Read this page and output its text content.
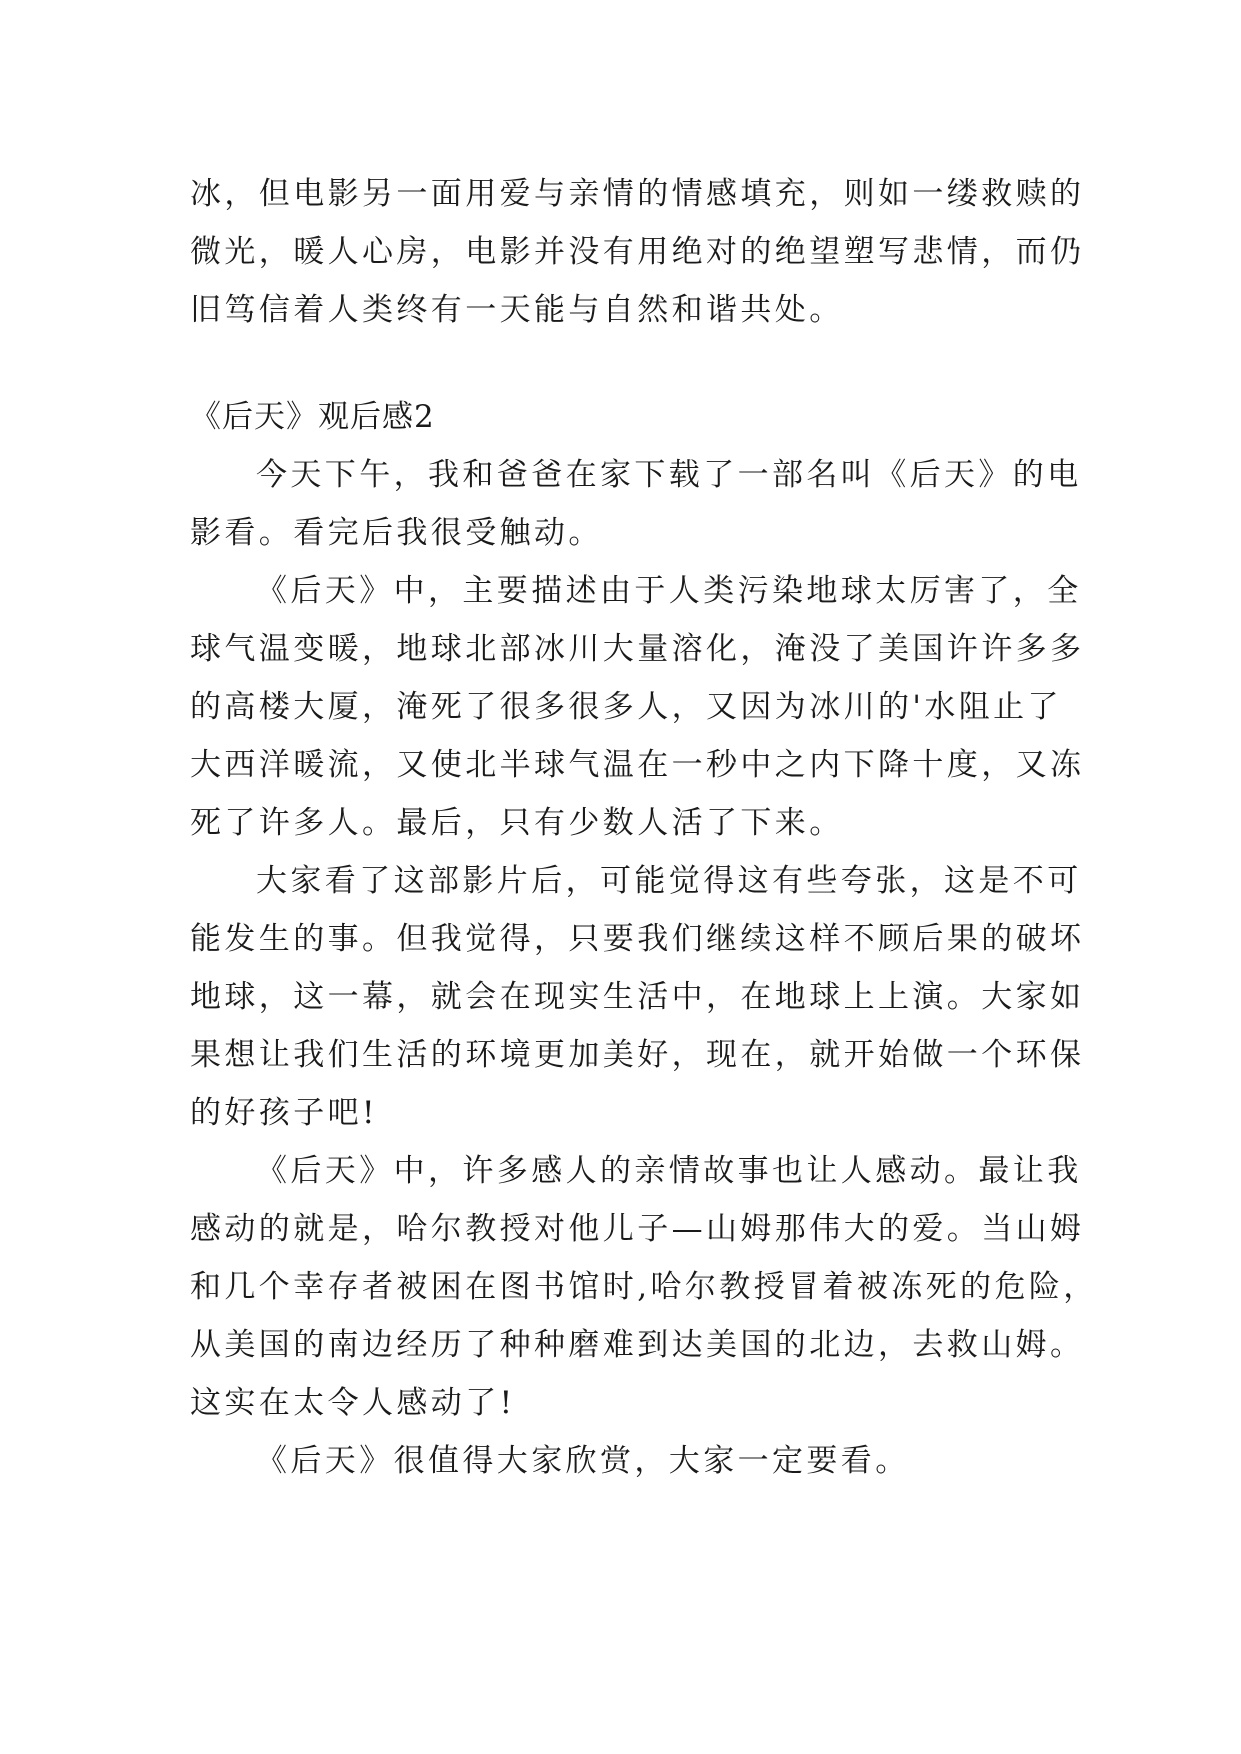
冰，但电影另一面用爱与亲情的情感填充，则如一缕救赎的
微光，暖人心房，电影并没有用绝对的绝望塑写悲情，而仍
旧笃信着人类终有一天能与自然和谐共处。
《后天》观后感2
今天下午，我和爸爸在家下载了一部名叫《后天》的电
影看。看完后我很受触动。
《后天》中，主要描述由于人类污染地球太厉害了，全
球气温变暖，地球北部冰川大量溶化，淹没了美国许许多多
的高楼大厦，淹死了很多很多人，又因为冰川的'水阻止了
大西洋暖流，又使北半球气温在一秒中之内下降十度，又冻
死了许多人。最后，只有少数人活了下来。
大家看了这部影片后，可能觉得这有些夸张，这是不可
能发生的事。但我觉得，只要我们继续这样不顾后果的破坏
地球，这一幕，就会在现实生活中，在地球上上演。大家如
果想让我们生活的环境更加美好，现在，就开始做一个环保
的好孩子吧!
《后天》中，许多感人的亲情故事也让人感动。最让我
感动的就是，哈尔教授对他儿子—山姆那伟大的爱。当山姆
和几个幸存者被困在图书馆时,哈尔教授冒着被冻死的危险，
从美国的南边经历了种种磨难到达美国的北边，去救山姆。
这实在太令人感动了!
《后天》很值得大家欣赏，大家一定要看。
